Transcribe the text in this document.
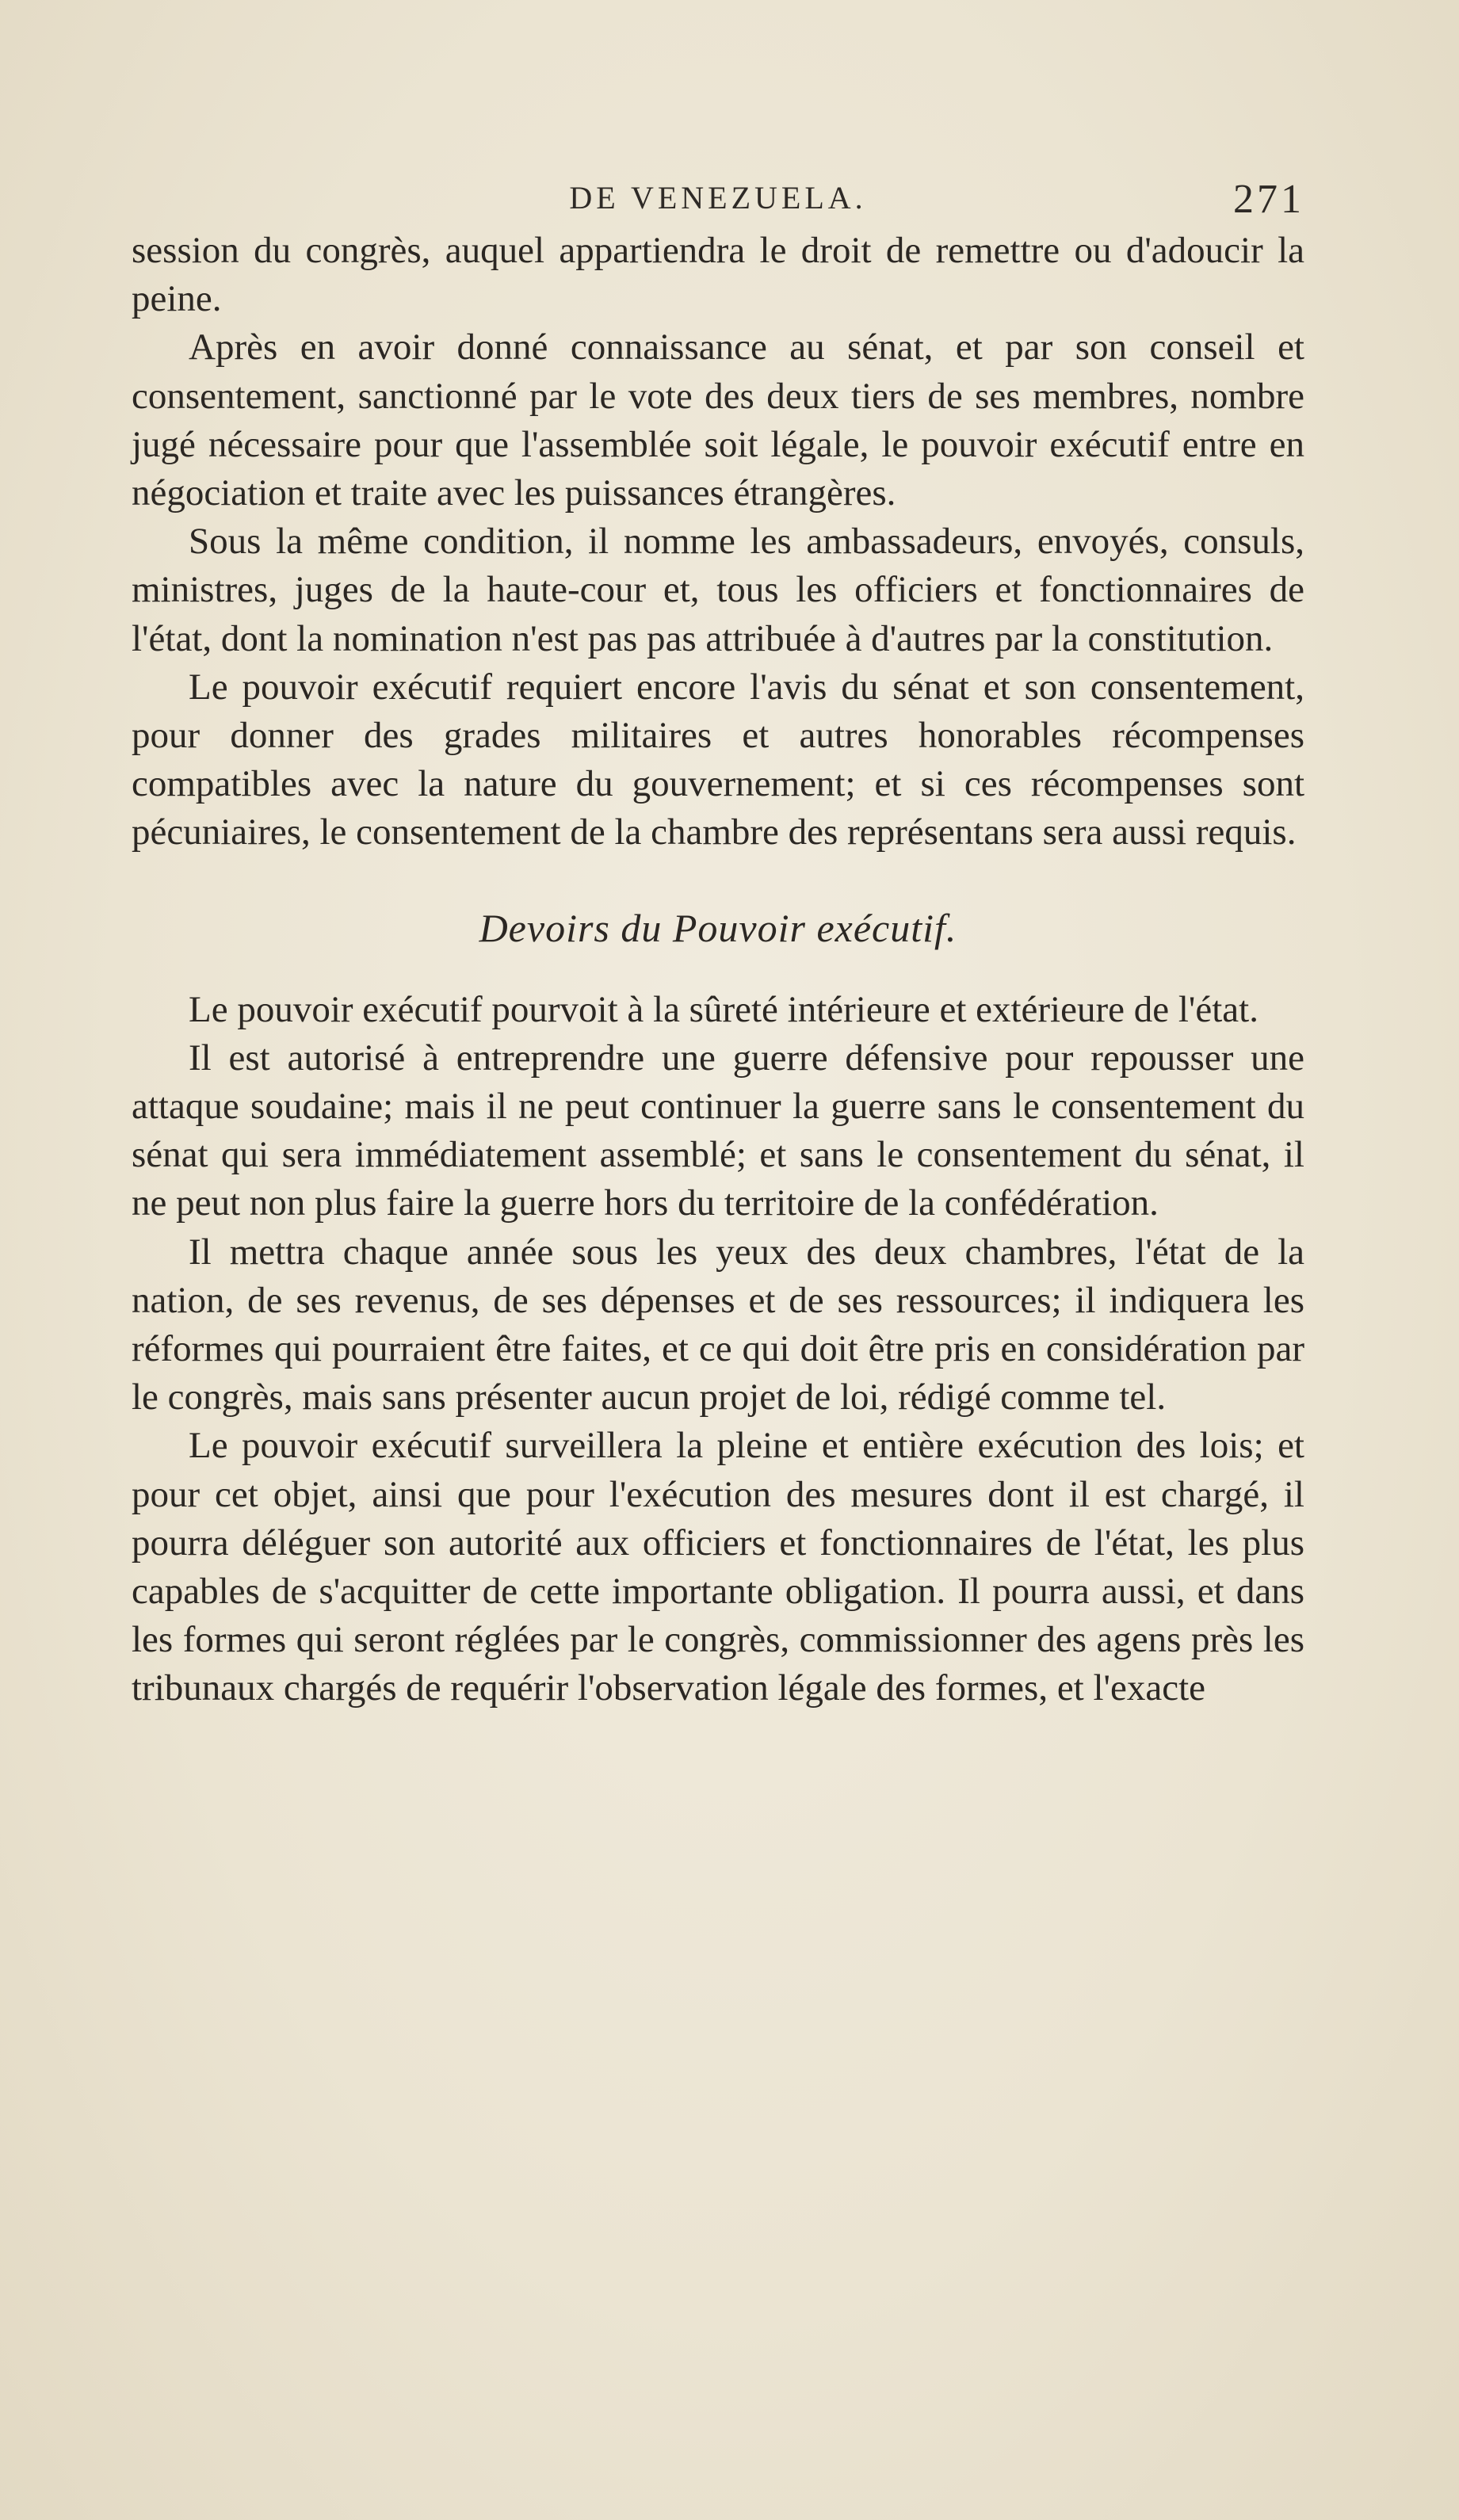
DE VENEZUELA.	271

session du congrès, auquel appartiendra le droit de remettre ou d'adoucir la peine.

Après en avoir donné connaissance au sénat, et par son conseil et consentement, sanctionné par le vote des deux tiers de ses membres, nombre jugé nécessaire pour que l'assemblée soit légale, le pouvoir exécutif entre en négociation et traite avec les puissances étrangères.

Sous la même condition, il nomme les ambassadeurs, envoyés, consuls, ministres, juges de la haute-cour et, tous les officiers et fonctionnaires de l'état, dont la nomination n'est pas pas attribuée à d'autres par la constitution.

Le pouvoir exécutif requiert encore l'avis du sénat et son consentement, pour donner des grades militaires et autres honorables récompenses compatibles avec la nature du gouvernement; et si ces récompenses sont pécuniaires, le consentement de la chambre des représentans sera aussi requis.

Devoirs du Pouvoir exécutif.

Le pouvoir exécutif pourvoit à la sûreté intérieure et extérieure de l'état.

Il est autorisé à entreprendre une guerre défensive pour repousser une attaque soudaine; mais il ne peut continuer la guerre sans le consentement du sénat qui sera immédiatement assemblé; et sans le consentement du sénat, il ne peut non plus faire la guerre hors du territoire de la confédération.

Il mettra chaque année sous les yeux des deux chambres, l'état de la nation, de ses revenus, de ses dépenses et de ses ressources; il indiquera les réformes qui pourraient être faites, et ce qui doit être pris en considération par le congrès, mais sans présenter aucun projet de loi, rédigé comme tel.

Le pouvoir exécutif surveillera la pleine et entière exécution des lois; et pour cet objet, ainsi que pour l'exécution des mesures dont il est chargé, il pourra déléguer son autorité aux officiers et fonctionnaires de l'état, les plus capables de s'acquitter de cette importante obligation. Il pourra aussi, et dans les formes qui seront réglées par le congrès, commissionner des agens près les tribunaux chargés de requérir l'observation légale des formes, et l'exacte
